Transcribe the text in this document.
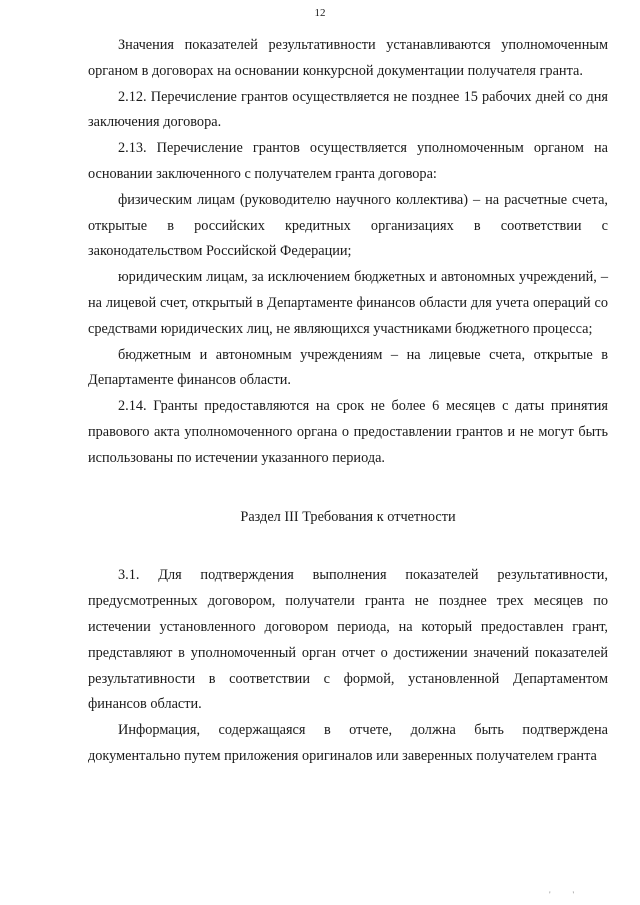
12

Значения показателей результативности устанавливаются уполномоченным органом в договорах на основании конкурсной документации получателя гранта.

2.12. Перечисление грантов осуществляется не позднее 15 рабочих дней со дня заключения договора.

2.13. Перечисление грантов осуществляется уполномоченным органом на основании заключенного с получателем гранта договора:

физическим лицам (руководителю научного коллектива) – на расчетные счета, открытые в российских кредитных организациях в соответствии с законодательством Российской Федерации;

юридическим лицам, за исключением бюджетных и автономных учреждений, – на лицевой счет, открытый в Департаменте финансов области для учета операций со средствами юридических лиц, не являющихся участниками бюджетного процесса;

бюджетным и автономным учреждениям – на лицевые счета, открытые в Департаменте финансов области.

2.14. Гранты предоставляются на срок не более 6 месяцев с даты принятия правового акта уполномоченного органа о предоставлении грантов и не могут быть использованы по истечении указанного периода.

Раздел III Требования к отчетности

3.1. Для подтверждения выполнения показателей результативности, предусмотренных договором, получатели гранта не позднее трех месяцев по истечении установленного договором периода, на который предоставлен грант, представляют в уполномоченный орган отчет о достижении значений показателей результативности в соответствии с формой, установленной Департаментом финансов области.

Информация, содержащаяся в отчете, должна быть подтверждена документально путем приложения оригиналов или заверенных получателем гранта

' '
